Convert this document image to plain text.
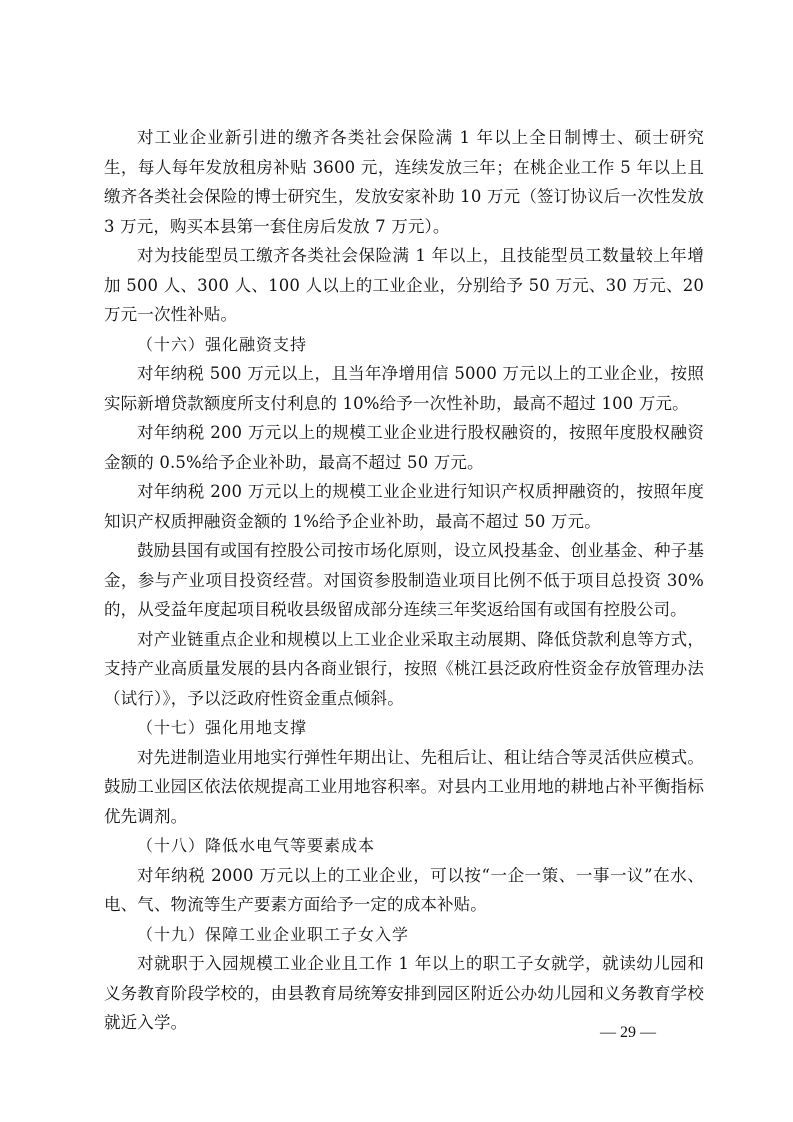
对工业企业新引进的缴齐各类社会保险满 1 年以上全日制博士、硕士研究生，每人每年发放租房补贴 3600 元，连续发放三年；在桃企业工作 5 年以上且缴齐各类社会保险的博士研究生，发放安家补助 10 万元（签订协议后一次性发放 3 万元，购买本县第一套住房后发放 7 万元）。

对为技能型员工缴齐各类社会保险满 1 年以上，且技能型员工数量较上年增加 500 人、300 人、100 人以上的工业企业，分别给予 50 万元、30 万元、20 万元一次性补贴。

（十六）强化融资支持

对年纳税 500 万元以上，且当年净增用信 5000 万元以上的工业企业，按照实际新增贷款额度所支付利息的 10%给予一次性补助，最高不超过 100 万元。

对年纳税 200 万元以上的规模工业企业进行股权融资的，按照年度股权融资金额的 0.5%给予企业补助，最高不超过 50 万元。

对年纳税 200 万元以上的规模工业企业进行知识产权质押融资的，按照年度知识产权质押融资金额的 1%给予企业补助，最高不超过 50 万元。

鼓励县国有或国有控股公司按市场化原则，设立风投基金、创业基金、种子基金，参与产业项目投资经营。对国资参股制造业项目比例不低于项目总投资 30%的，从受益年度起项目税收县级留成部分连续三年奖返给国有或国有控股公司。

对产业链重点企业和规模以上工业企业采取主动展期、降低贷款利息等方式，支持产业高质量发展的县内各商业银行，按照《桃江县泛政府性资金存放管理办法（试行）》，予以泛政府性资金重点倾斜。

（十七）强化用地支撑

对先进制造业用地实行弹性年期出让、先租后让、租让结合等灵活供应模式。鼓励工业园区依法依规提高工业用地容积率。对县内工业用地的耕地占补平衡指标优先调剂。

（十八）降低水电气等要素成本

对年纳税 2000 万元以上的工业企业，可以按“一企一策、一事一议”在水、电、气、物流等生产要素方面给予一定的成本补贴。

（十九）保障工业企业职工子女入学

对就职于入园规模工业企业且工作 1 年以上的职工子女就学，就读幼儿园和义务教育阶段学校的，由县教育局统筹安排到园区附近公办幼儿园和义务教育学校就近入学。

— 29 —
